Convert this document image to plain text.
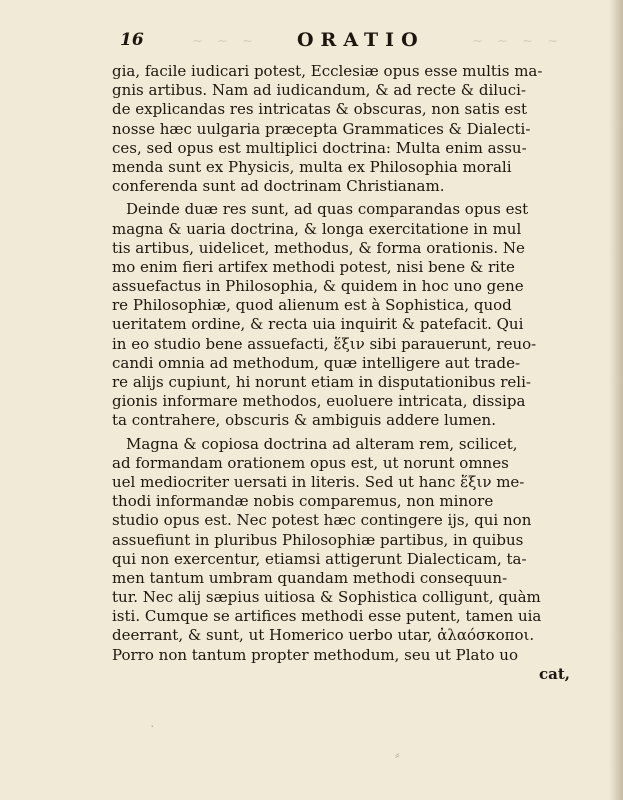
·
⸗
16	~ ~ ~ ORATIO	~ ~ ~ ~
gia, facile iudicari potest, Ecclesiæ opus esse multis ma-
gnis artibus. Nam ad iudicandum, & ad recte & diluci-
de explicandas res intricatas & obscuras, non satis est
nosse hæc uulgaria præcepta Grammatices & Dialecti-
ces, sed opus est multiplici doctrina: Multa enim assu-
menda sunt ex Physicis, multa ex Philosophia morali
conferenda sunt ad doctrinam Christianam.
Deinde duæ res sunt, ad quas comparandas opus est
magna & uaria doctrina, & longa exercitatione in mul
tis artibus, uidelicet, methodus, & forma orationis. Ne
mo enim fieri artifex methodi potest, nisi bene & rite
assuefactus in Philosophia, & quidem in hoc uno gene
re Philosophiæ, quod alienum est à Sophistica, quod
ueritatem ordine, & recta uia inquirit & patefacit. Qui
in eo studio bene assuefacti, ἕξιν sibi parauerunt, reuo-
candi omnia ad methodum, quæ intelligere aut trade-
re alijs cupiunt, hi norunt etiam in disputationibus reli-
gionis informare methodos, euoluere intricata, dissipa
ta contrahere, obscuris & ambiguis addere lumen.
Magna & copiosa doctrina ad alteram rem, scilicet,
ad formandam orationem opus est, ut norunt omnes
uel mediocriter uersati in literis. Sed ut hanc ἕξιν me-
thodi informandæ nobis comparemus, non minore
studio opus est. Nec potest hæc contingere ijs, qui non
assuefiunt in pluribus Philosophiæ partibus, in quibus
qui non exercentur, etiamsi attigerunt Dialecticam, ta-
men tantum umbram quandam methodi consequun-
tur. Nec alij sæpius uitiosa & Sophistica colligunt, quàm
isti. Cumque se artifices methodi esse putent, tamen uia
deerrant, & sunt, ut Homerico uerbo utar, ἀλαόσκοποι.
Porro non tantum propter methodum, seu ut Plato uo
cat,
